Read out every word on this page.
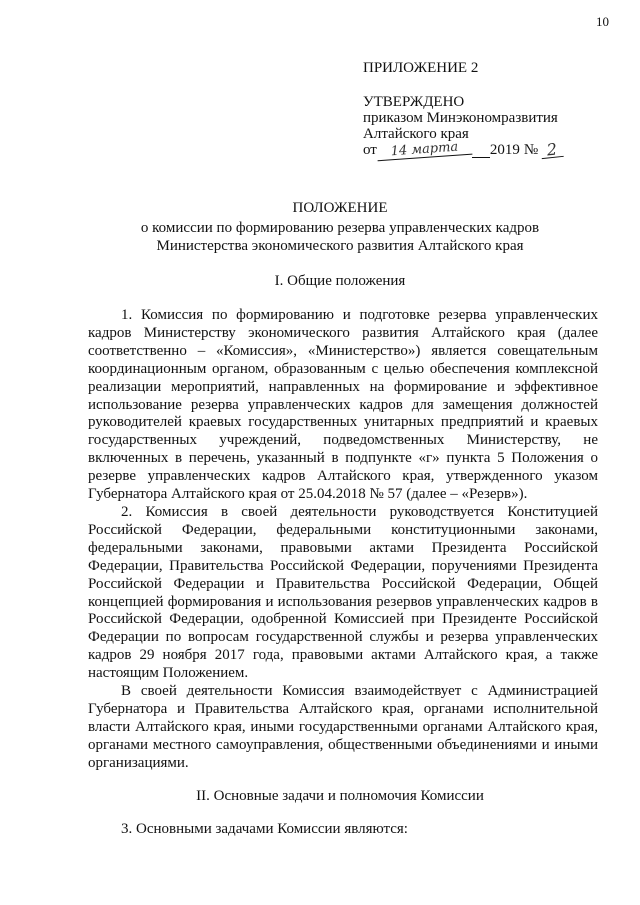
10
ПРИЛОЖЕНИЕ 2
УТВЕРЖДЕНО
приказом Минэкономразвития
Алтайского края
от	14 марта	2019 № 2
ПОЛОЖЕНИЕ
о комиссии по формированию резерва управленческих кадров Министерства экономического развития Алтайского края
I. Общие положения

1. Комиссия по формированию и подготовке резерва управленческих кадров Министерству экономического развития Алтайского края (далее соответственно – «Комиссия», «Министерство») является совещательным координационным органом, образованным с целью обеспечения комплексной реализации мероприятий, направленных на формирование и эффективное использование резерва управленческих кадров для замещения должностей руководителей краевых государственных унитарных предприятий и краевых государственных учреждений, подведомственных Министерству, не включенных в перечень, указанный в подпункте «г» пункта 5 Положения о резерве управленческих кадров Алтайского края, утвержденного указом Губернатора Алтайского края от 25.04.2018 № 57 (далее – «Резерв»).

2. Комиссия в своей деятельности руководствуется Конституцией Российской Федерации, федеральными конституционными законами, федеральными законами, правовыми актами Президента Российской Федерации, Правительства Российской Федерации, поручениями Президента Российской Федерации и Правительства Российской Федерации, Общей концепцией формирования и использования резервов управленческих кадров в Российской Федерации, одобренной Комиссией при Президенте Российской Федерации по вопросам государственной службы и резерва управленческих кадров 29 ноября 2017 года, правовыми актами Алтайского края, а также настоящим Положением.

В своей деятельности Комиссия взаимодействует с Администрацией Губернатора и Правительства Алтайского края, органами исполнительной власти Алтайского края, иными государственными органами Алтайского края, органами местного самоуправления, общественными объединениями и иными организациями.

II. Основные задачи и полномочия Комиссии
3. Основными задачами Комиссии являются:
